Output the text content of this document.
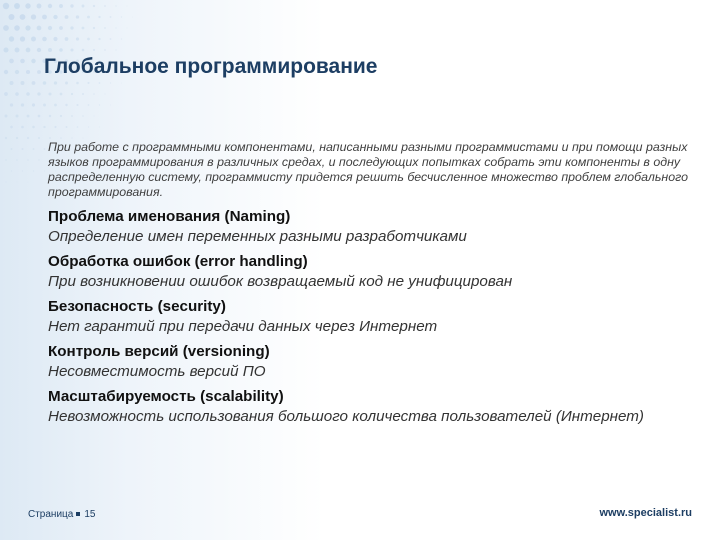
Глобальное программирование

При работе с программными компонентами, написанными разными программистами и при помощи разных языков программирования в различных средах, и последующих попытках собрать эти компоненты в одну распределенную систему, программисту придется решить бесчисленное множество проблем глобального программирования.

Проблема именования (Naming)

Определение имен переменных разными разработчиками

Обработка ошибок (error handling)

При возникновении ошибок возвращаемый код не унифицирован

Безопасность (security)

Нет гарантий при передачи данных через Интернет

Контроль версий (versioning)

Несовместимость версий ПО

Масштабируемость (scalability)

Невозможность использования большого количества пользователей (Интернет)

Страница 15	www.specialist.ru
